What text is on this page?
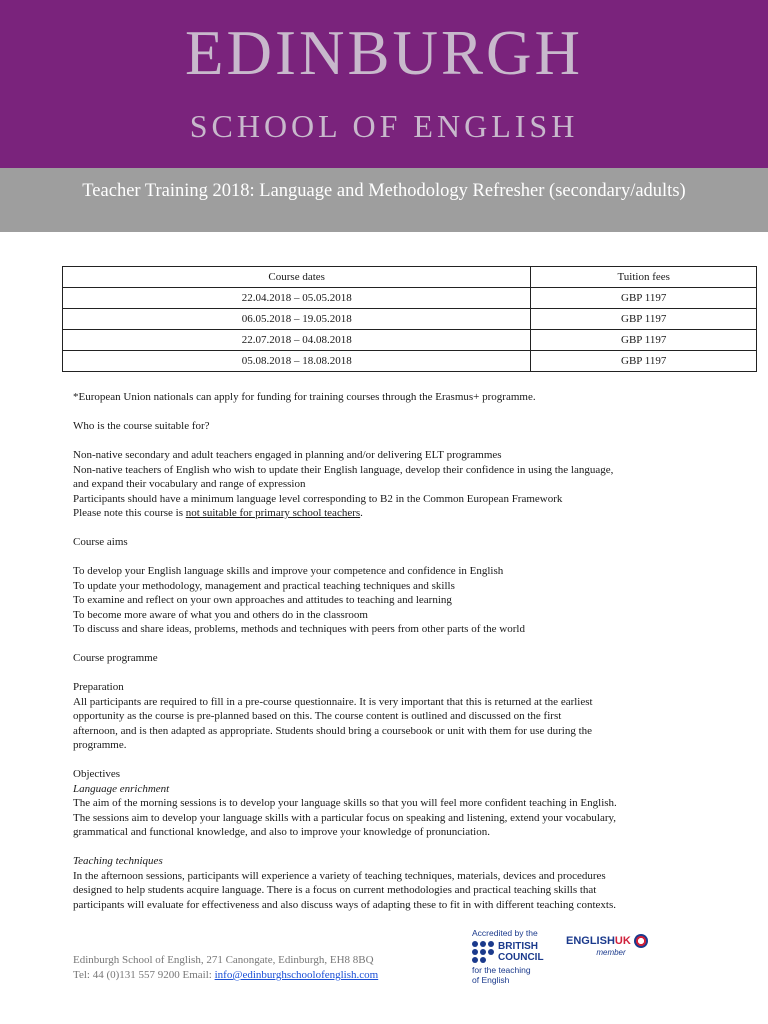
EDINBURGH
SCHOOL OF ENGLISH
Teacher Training 2018: Language and Methodology Refresher (secondary/adults)
Course dates	Tuition fees
22.04.2018 – 05.05.2018	GBP 1197
06.05.2018 – 19.05.2018	GBP 1197
22.07.2018 – 04.08.2018	GBP 1197
05.08.2018 – 18.08.2018	GBP 1197

*European Union nationals can apply for funding for training courses through the Erasmus+ programme.

Who is the course suitable for?

Non-native secondary and adult teachers engaged in planning and/or delivering ELT programmes

Non-native teachers of English who wish to update their English language, develop their confidence in using the language,

and expand their vocabulary and range of expression

Participants should have a minimum language level corresponding to B2 in the Common European Framework

Please note this course is not suitable for primary school teachers.

Course aims

To develop your English language skills and improve your competence and confidence in English

To update your methodology, management and practical teaching techniques and skills

To examine and reflect on your own approaches and attitudes to teaching and learning

To become more aware of what you and others do in the classroom

To discuss and share ideas, problems, methods and techniques with peers from other parts of the world

Course programme

Preparation

All participants are required to fill in a pre-course questionnaire. It is very important that this is returned at the earliest

opportunity as the course is pre-planned based on this. The course content is outlined and discussed on the first

afternoon, and is then adapted as appropriate. Students should bring a coursebook or unit with them for use during the

programme.

Objectives

Language enrichment

The aim of the morning sessions is to develop your language skills so that you will feel more confident teaching in English.

The sessions aim to develop your language skills with a particular focus on speaking and listening, extend your vocabulary,

grammatical and functional knowledge, and also to improve your knowledge of pronunciation.

Teaching techniques

In the afternoon sessions, participants will experience a variety of teaching techniques, materials, devices and procedures

designed to help students acquire language. There is a focus on current methodologies and practical teaching skills that

participants will evaluate for effectiveness and also discuss ways of adapting these to fit in with different teaching contexts.

Edinburgh School of English, 271 Canongate, Edinburgh, EH8 8BQ
Tel: 44 (0)131 557 9200 Email: info@edinburghschoolofenglish.com
Accredited by the
BRITISH
COUNCIL
for the teaching
of English
ENGLISH UK
member
